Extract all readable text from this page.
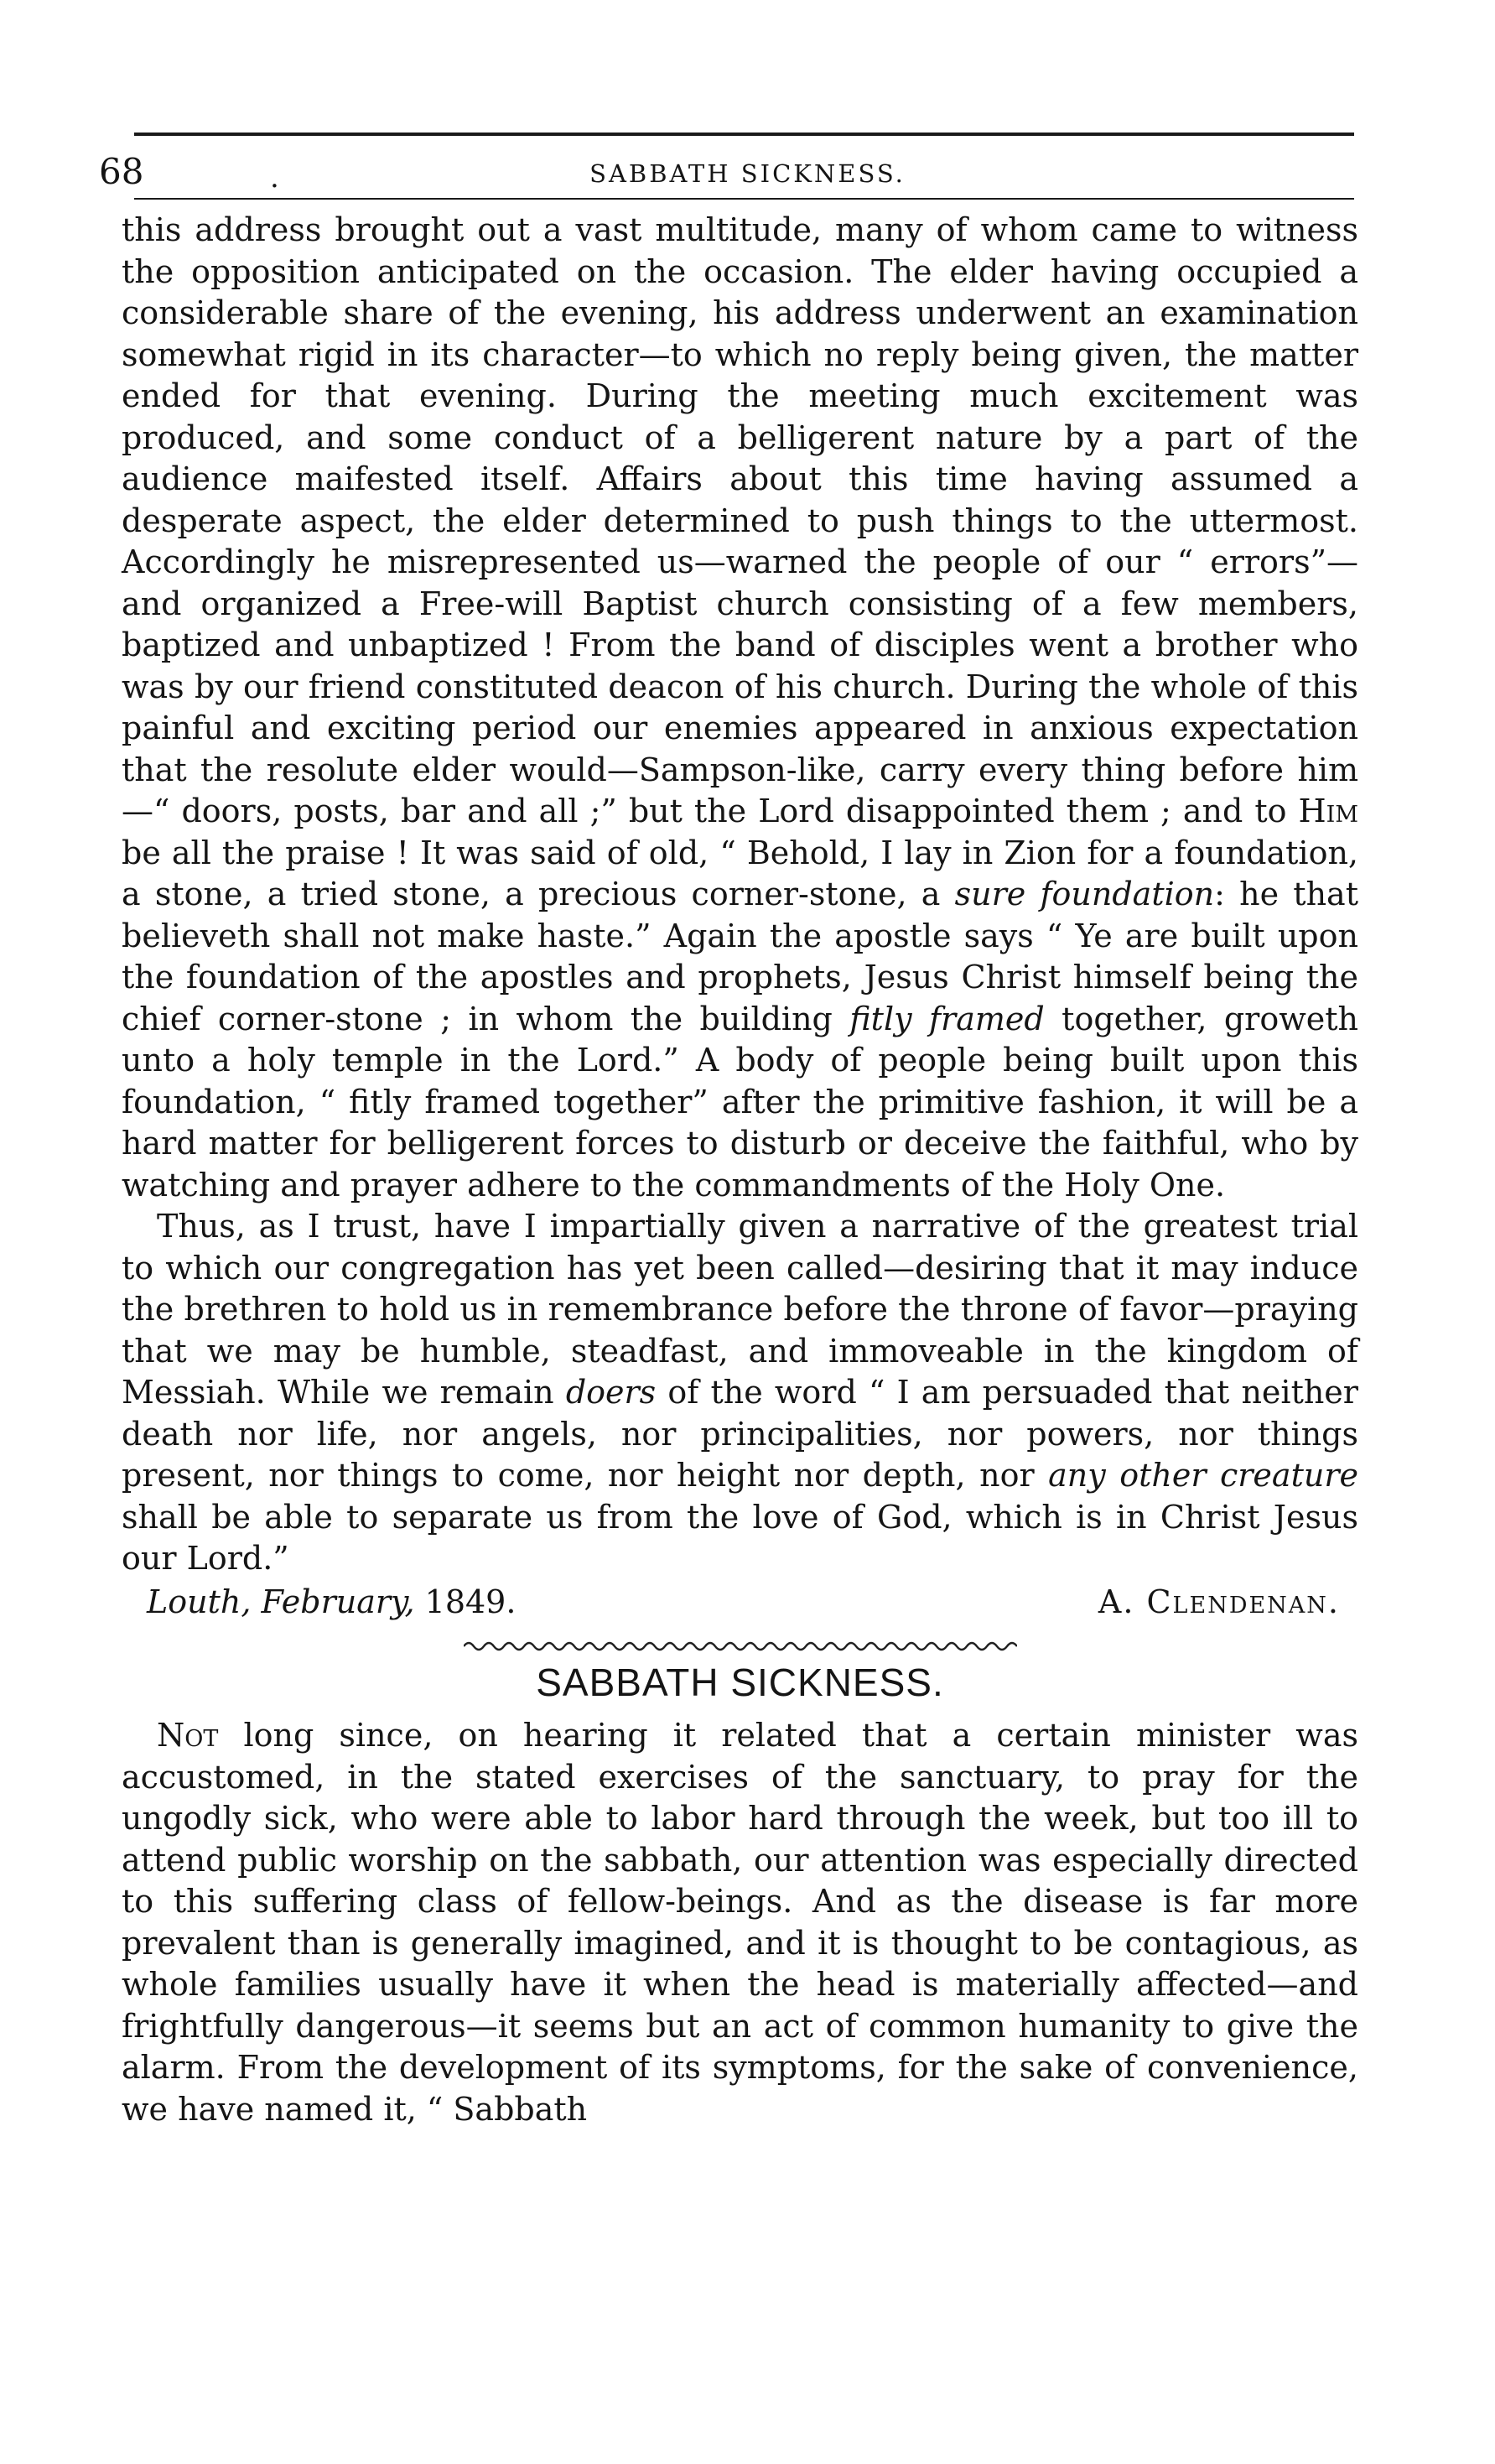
68	.	SABBATH SICKNESS.

this address brought out a vast multitude, many of whom came to witness the opposition anticipated on the occasion. The elder having occupied a considerable share of the evening, his address underwent an examination somewhat rigid in its character—to which no reply being given, the matter ended for that evening. During the meeting much excitement was produced, and some conduct of a belligerent nature by a part of the audience maifested itself. Affairs about this time having assumed a desperate aspect, the elder determined to push things to the uttermost. Accordingly he misrepresented us—warned the people of our “ errors”—and organized a Free-will Baptist church consisting of a few members, baptized and unbaptized ! From the band of disciples went a brother who was by our friend constituted deacon of his church. During the whole of this painful and exciting period our enemies appeared in anxious expectation that the resolute elder would—Sampson-like, carry every thing before him—“ doors, posts, bar and all ;” but the Lord disappointed them ; and to Him be all the praise ! It was said of old, “ Behold, I lay in Zion for a foundation, a stone, a tried stone, a precious corner-stone, a sure foundation: he that believeth shall not make haste.” Again the apostle says “ Ye are built upon the foundation of the apostles and prophets, Jesus Christ himself being the chief corner-stone ; in whom the building fitly framed together, groweth unto a holy temple in the Lord.” A body of people being built upon this foundation, “ fitly framed together” after the primitive fashion, it will be a hard matter for belligerent forces to disturb or deceive the faithful, who by watching and prayer adhere to the commandments of the Holy One.

Thus, as I trust, have I impartially given a narrative of the greatest trial to which our congregation has yet been called—desiring that it may induce the brethren to hold us in remembrance before the throne of favor—praying that we may be humble, steadfast, and immoveable in the kingdom of Messiah. While we remain doers of the word “ I am persuaded that neither death nor life, nor angels, nor principalities, nor powers, nor things present, nor things to come, nor height nor depth, nor any other creature shall be able to separate us from the love of God, which is in Christ Jesus our Lord.”

Louth, February, 1849.	A. Clendenan.
SABBATH SICKNESS.

Not long since, on hearing it related that a certain minister was accustomed, in the stated exercises of the sanctuary, to pray for the ungodly sick, who were able to labor hard through the week, but too ill to attend public worship on the sabbath, our attention was especially directed to this suffering class of fellow-beings. And as the disease is far more prevalent than is generally imagined, and it is thought to be contagious, as whole families usually have it when the head is materially affected—and frightfully dangerous—it seems but an act of common humanity to give the alarm. From the development of its symptoms, for the sake of convenience, we have named it, “ Sabbath
